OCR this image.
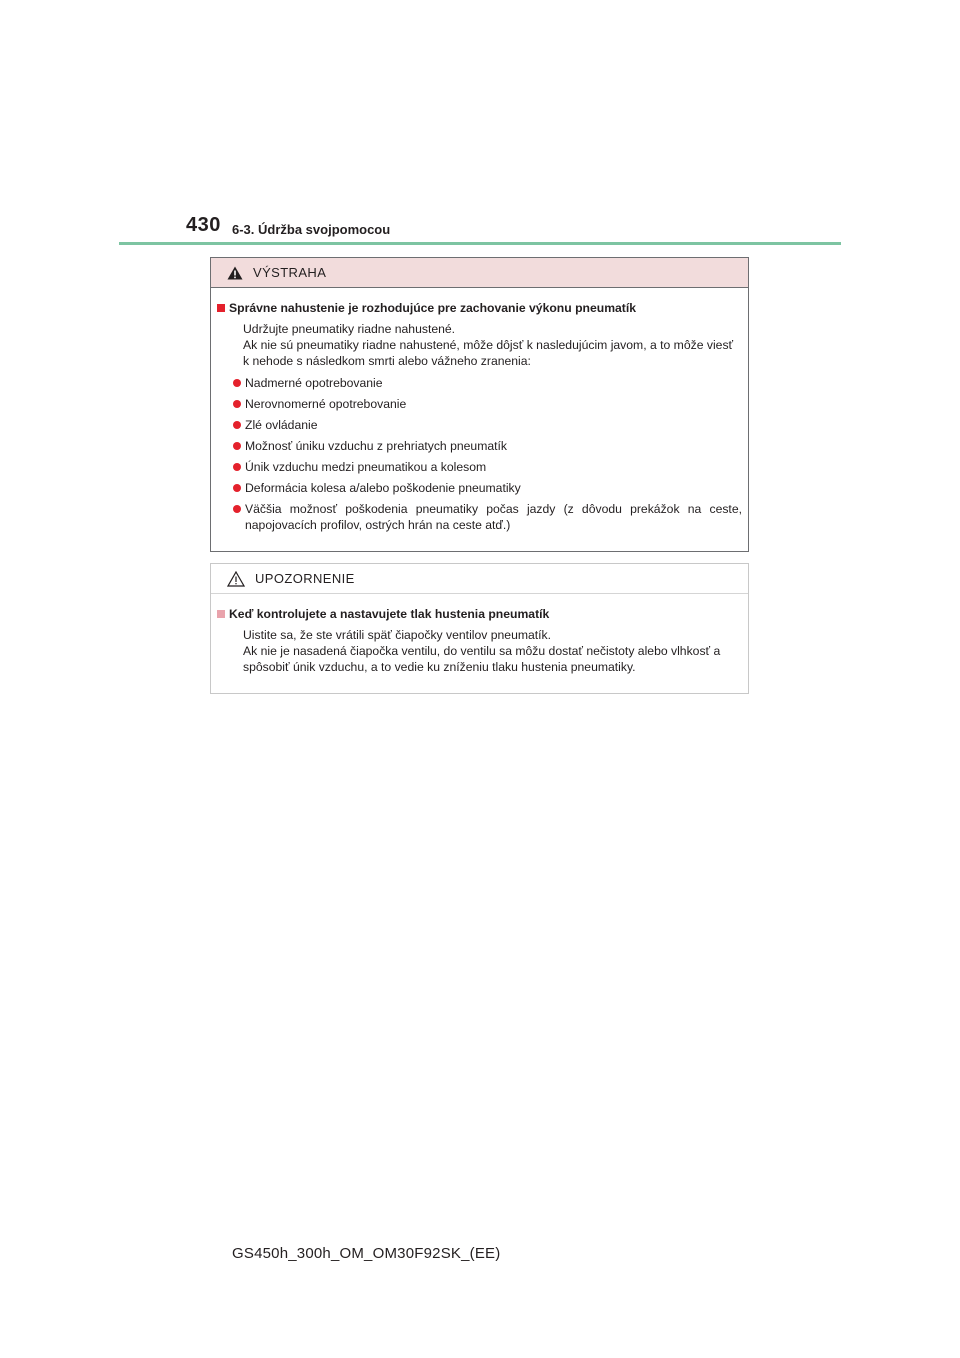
430 6-3. Údržba svojpomocou
VÝSTRAHA
Správne nahustenie je rozhodujúce pre zachovanie výkonu pneumatík
Udržujte pneumatiky riadne nahustené.
Ak nie sú pneumatiky riadne nahustené, môže dôjsť k nasledujúcim javom, a to môže viesť k nehode s následkom smrti alebo vážneho zranenia:
Nadmerné opotrebovanie
Nerovnomerné opotrebovanie
Zlé ovládanie
Možnosť úniku vzduchu z prehriatych pneumatík
Únik vzduchu medzi pneumatikou a kolesom
Deformácia kolesa a/alebo poškodenie pneumatiky
Väčšia možnosť poškodenia pneumatiky počas jazdy (z dôvodu prekážok na ceste, napojovacích profilov, ostrých hrán na ceste atď.)
UPOZORNENIE
Keď kontrolujete a nastavujete tlak hustenia pneumatík
Uistite sa, že ste vrátili späť čiapočky ventilov pneumatík.
Ak nie je nasadená čiapočka ventilu, do ventilu sa môžu dostať nečistoty alebo vlhkosť a spôsobiť únik vzduchu, a to vedie ku zníženiu tlaku hustenia pneumatiky.
GS450h_300h_OM_OM30F92SK_(EE)
